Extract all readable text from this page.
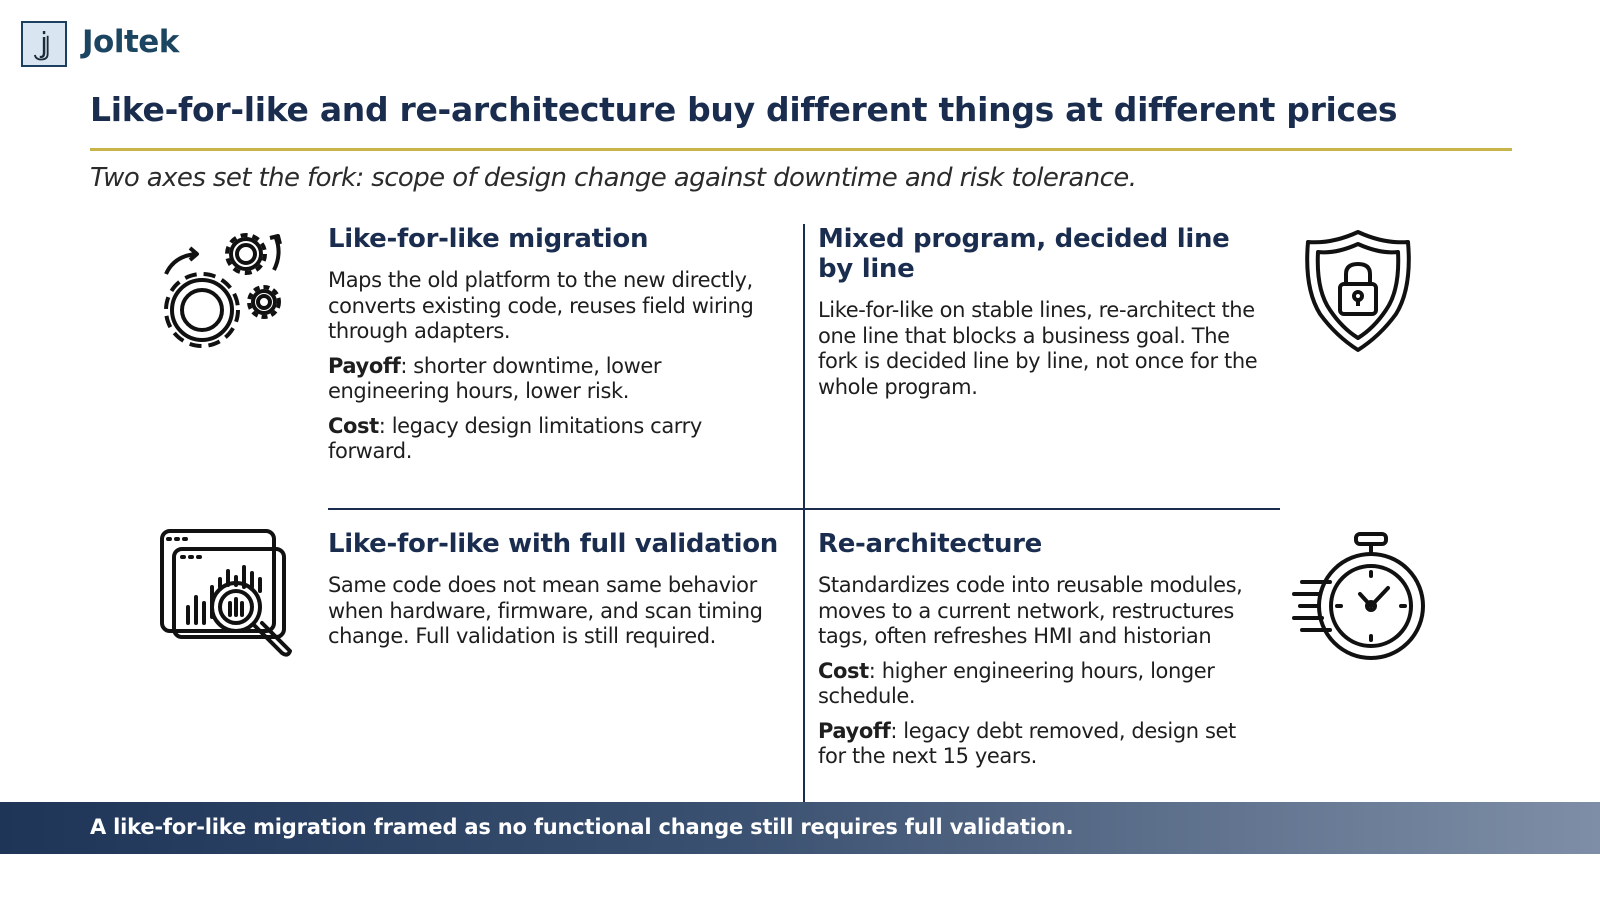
j Joltek
Like-for-like and re-architecture buy different things at different prices
Two axes set the fork: scope of design change against downtime and risk tolerance.
Like-for-like migration

Maps the old platform to the new directly, converts existing code, reuses field wiring through adapters.

Payoff: shorter downtime, lower engineering hours, lower risk.

Cost: legacy design limitations carry forward.

Mixed program, decided line by line

Like-for-like on stable lines, re-architect the one line that blocks a business goal. The fork is decided line by line, not once for the whole program.

Like-for-like with full validation

Same code does not mean same behavior when hardware, firmware, and scan timing change. Full validation is still required.

Re-architecture

Standardizes code into reusable modules, moves to a current network, restructures tags, often refreshes HMI and historian

Cost: higher engineering hours, longer schedule.

Payoff: legacy debt removed, design set for the next 15 years.

A like-for-like migration framed as no functional change still requires full validation.
